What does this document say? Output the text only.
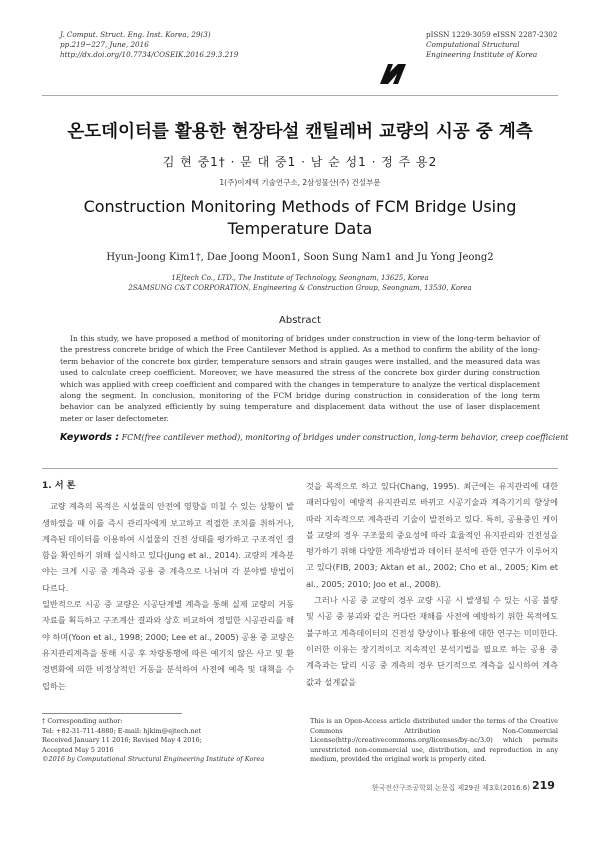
J. Comput. Struct. Eng. Inst. Korea, 29(3)
pp.219~227, June, 2016
http://dx.doi.org/10.7734/COSEIK.2016.29.3.219
pISSN 1229-3059 eISSN 2287-2302
Computational Structural
Engineering Institute of Korea
온도데이터를 활용한 현장타설 캔틸레버 교량의 시공 중 계측
김 현 중1† · 문 대 중1 · 남 순 성1 · 정 주 용2
1(주)이제텍 기술연구소, 2삼성물산(주) 건설부문
Construction Monitoring Methods of FCM Bridge Using
Temperature Data
Hyun-Joong Kim1†, Dae Joong Moon1, Soon Sung Nam1 and Ju Yong Jeong2
1EJtech Co., LTD., The Institute of Technology, Seongnam, 13625, Korea
2SAMSUNG C&T CORPORATION, Engineering & Construction Group, Seongnam, 13530, Korea
Abstract
In this study, we have proposed a method of monitoring of bridges under construction in view of the long-term behavior of the prestress concrete bridge of which the Free Cantilever Method is applied. As a method to confirm the ability of the long-term behavior of the concrete box girder, temperature sensors and strain gauges were installed, and the measured data was used to calculate creep coefficient. Moreover, we have measured the stress of the concrete box girder during construction which was applied with creep coefficient and compared with the changes in temperature to analyze the vertical displacement along the segment. In conclusion, monitoring of the FCM bridge during construction in consideration of the long term behavior can be analyzed efficiently by suing temperature and displacement data without the use of laser displacement meter or laser defectometer.
Keywords : FCM(free cantilever method), monitoring of bridges under construction, long-term behavior, creep coefficient
1. 서 론

교량 계측의 목적은 시설물의 안전에 영향을 미칠 수 있는 상황이 발생하였을 때 이를 즉시 관리자에게 보고하고 적절한 조치를 취하거나, 계측된 데이터를 이용하여 시설물의 건전 상태를 평가하고 구조적인 결함을 확인하기 위해 실시하고 있다(Jung et al., 2014). 교량의 계측분야는 크게 시공 중 계측과 공용 중 계측으로 나뉘며 각 분야별 방법이 다르다.

일반적으로 시공 중 교량은 시공단계별 계측을 통해 실제 교량의 거동자료를 획득하고 구조계산 결과와 상호 비교하여 정밀한 시공관리를 해야 하며(Yoon et al., 1998; 2000; Lee et al., 2005) 공용 중 교량은 유지관리계측을 통해 시공 후 차량통행에 따른 예기치 않은 사고 및 환경변화에 의한 비정상적인 거동을 분석하여 사전에 예측 및 대책을 수립하는

것을 목적으로 하고 있다(Chang, 1995). 최근에는 유지관리에 대한 패러다임이 예방적 유지관리로 바뀌고 시공기술과 계측기기의 향상에 따라 지속적으로 계측관리 기술이 발전하고 있다. 특히, 공용중인 케이블 교량의 경우 구조물의 중요성에 따라 효율적인 유지관리와 건전성을 평가하기 위해 다양한 계측방법과 데이터 분석에 관한 연구가 이루어지고 있다(FIB, 2003; Aktan et al., 2002; Cho et al., 2005; Kim et al., 2005; 2010; Joo et al., 2008).

그러나 시공 중 교량의 경우 교량 시공 시 발생될 수 있는 시공 불량 및 시공 중 붕괴와 같은 커다란 재해를 사전에 예방하기 위한 목적에도 불구하고 계측데이터의 건전성 향상이나 활용에 대한 연구는 미미한다. 이러한 이유는 장기적이고 지속적인 분석기법을 필요로 하는 공용 중 계측과는 달리 시공 중 계측의 경우 단기적으로 계측을 실시하여 계측값과 설계값을

† Corresponding author:
Tel: +82-31-711-4880; E-mail: hjkim@ejtech.net
Received January 11 2016; Revised May 4 2016;
Accepted May 5 2016
©2016 by Computational Structural Engineering Institute of Korea
This is an Open-Access article distributed under the terms of the Creative Commons Attribution Non-Commercial License(http://creativecommons.org/licenses/by-nc/3.0) which permits unrestricted non-commercial use, distribution, and reproduction in any medium, provided the original work is properly cited.
한국전산구조공학회 논문집 제29권 제3호(2016.6) 219
